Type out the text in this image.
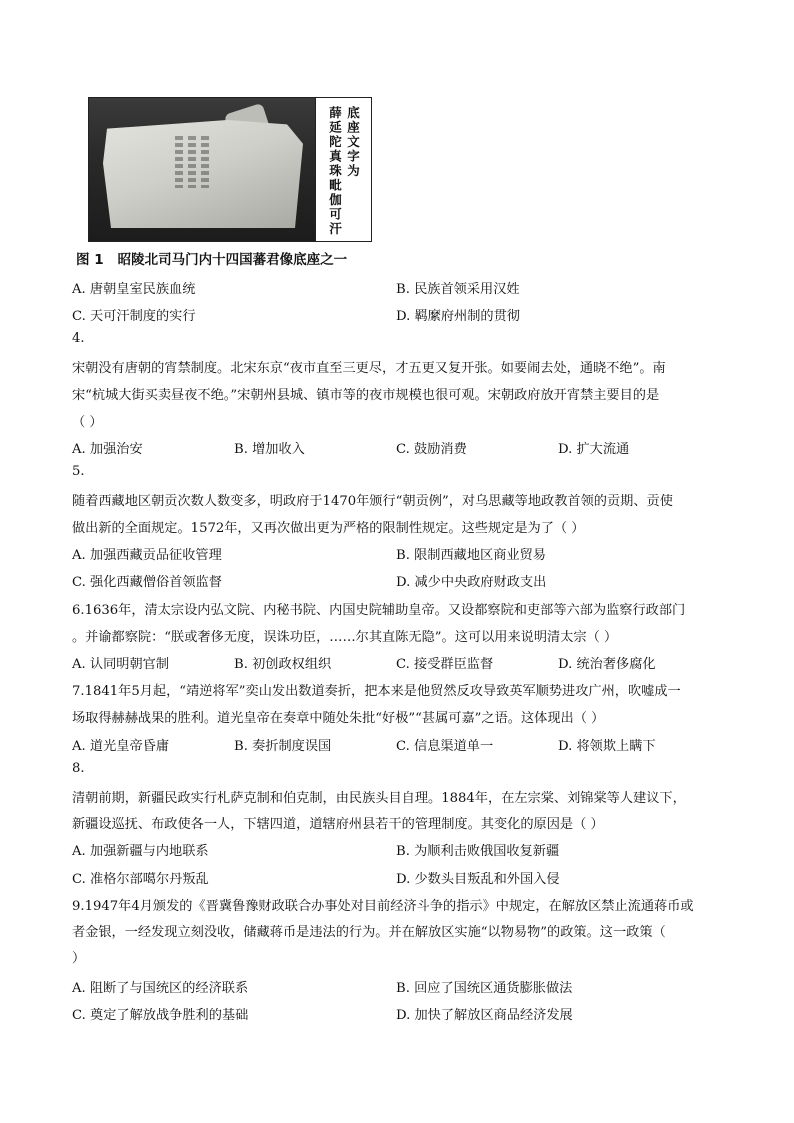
底座文字为
薛延陀真珠毗伽可汗
图 1 昭陵北司马门内十四国蕃君像底座之一
A. 唐朝皇室民族血统	B. 民族首领采用汉姓
C. 天可汗制度的实行	D. 羁縻府州制的贯彻
4.
宋朝没有唐朝的宵禁制度。北宋东京“夜市直至三更尽，才五更又复开张。如要闹去处，通晓不绝”。南
宋“杭城大街买卖昼夜不绝。”宋朝州县城、镇市等的夜市规模也很可观。宋朝政府放开宵禁主要目的是
（ ）
A. 加强治安	B. 增加收入	C. 鼓励消费	D. 扩大流通
5.
随着西藏地区朝贡次数人数变多，明政府于1470年颁行“朝贡例”，对乌思藏等地政教首领的贡期、贡使
做出新的全面规定。1572年，又再次做出更为严格的限制性规定。这些规定是为了（ ）
A. 加强西藏贡品征收管理	B. 限制西藏地区商业贸易
C. 强化西藏僧俗首领监督	D. 减少中央政府财政支出
6.1636年，清太宗设内弘文院、内秘书院、内国史院辅助皇帝。又设都察院和吏部等六部为监察行政部门
。并谕都察院：“朕或奢侈无度，误诛功臣，……尔其直陈无隐”。这可以用来说明清太宗（ ）
A. 认同明朝官制	B. 初创政权组织	C. 接受群臣监督	D. 统治奢侈腐化
7.1841年5月起，“靖逆将军”奕山发出数道奏折，把本来是他贸然反攻导致英军顺势进攻广州，吹嘘成一
场取得赫赫战果的胜利。道光皇帝在奏章中随处朱批“好极”“甚属可嘉”之语。这体现出（ ）
A. 道光皇帝昏庸	B. 奏折制度误国	C. 信息渠道单一	D. 将领欺上瞒下
8.
清朝前期，新疆民政实行札萨克制和伯克制，由民族头目自理。1884年，在左宗棠、刘锦棠等人建议下，
新疆设巡抚、布政使各一人，下辖四道，道辖府州县若干的管理制度。其变化的原因是（ ）
A. 加强新疆与内地联系	B. 为顺利击败俄国收复新疆
C. 准格尔部噶尔丹叛乱	D. 少数头目叛乱和外国入侵
9.1947年4月颁发的《晋冀鲁豫财政联合办事处对目前经济斗争的指示》中规定，在解放区禁止流通蒋币或
者金银，一经发现立刻没收，储藏蒋币是违法的行为。并在解放区实施“以物易物”的政策。这一政策（
）
A. 阻断了与国统区的经济联系	B. 回应了国统区通货膨胀做法
C. 奠定了解放战争胜利的基础	D. 加快了解放区商品经济发展
